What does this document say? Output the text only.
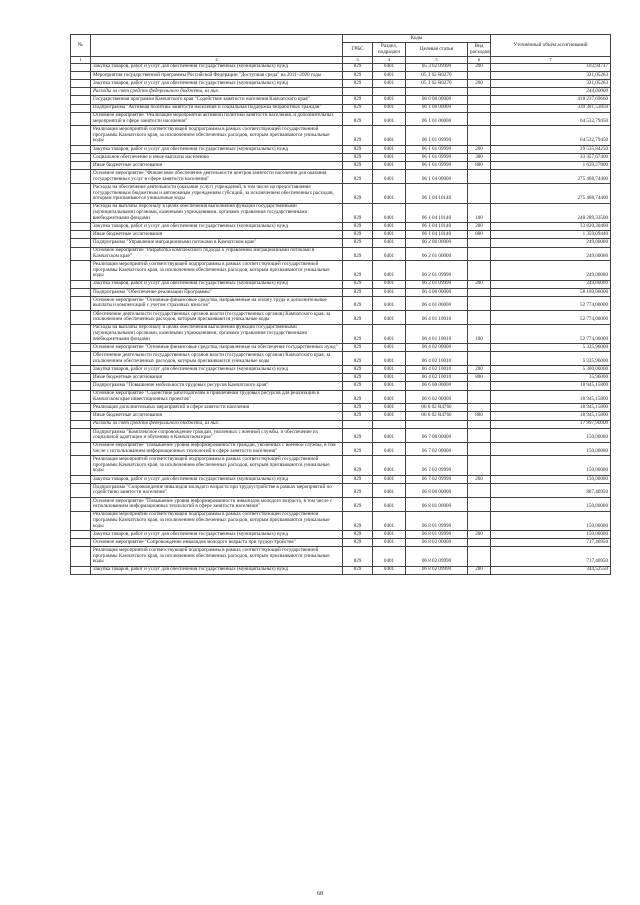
№		Коды				Уточнённый объём ассигнований
		ГРБС	Раздел, подраздел	Целевая статья	Вид расходов	
1	2	3	4	5	6	7
	Закупка товаров, работ и услуг для обеспечения государственных (муниципальных) нужд	829	0401	05 3 02 09990	200	103,94737
	Мероприятия государственной программы Российской Федерации "Доступная среда" на 2011–2020 годы	829	0401	05 3 02 R0270		321,05263
	Закупка товаров, работ и услуг для обеспечения государственных (муниципальных) нужд	829	0401	05 3 02 R0270	200	321,05263
	Расходы за счет средств федерального бюджета, из них:					244,00000
	Государственная программа Камчатского края "Содействие занятости населения Камчатского края"	829	0401	06 0 00 00000		418 237,69660
	Подпрограмма "Активная политика занятости населения и социальная поддержка безработных граждан"	829	0401	06 1 00 00000		339 301,53850
	Основное мероприятие "Реализация мероприятий активной политики занятости населения, и дополнительных мероприятий в сфере занятости населения"	829	0401	06 1 01 00000		64 532,79450
	Реализация мероприятий соответствующей подпрограммы в рамках соответствующей государственной программы Камчатского края, за исключением обеспеченных расходов, которым присваиваются уникальные коды	829	0401	06 1 01 09990		64 532,79450
	Закупка товаров, работ и услуг для обеспечения государственных (муниципальных) нужд	829	0401	06 1 01 09990	200	29 535,84250
	Социальное обеспечение и иные выплаты населению	829	0401	06 1 01 09990	300	33 357,67400
	Иные бюджетные ассигнования	829	0401	06 1 01 09990	800	1 639,27800
	Основное мероприятие "Финансовое обеспечение деятельности центров занятости населения для оказания государственных услуг в сфере занятости населения"	829	0401	06 1 04 00000		275 468,74400
	Расходы на обеспечение деятельности (оказание услуг) учреждений, в том числе на предоставление государственным бюджетным и автономным учреждениям субсидий, за исключением обеспеченных расходов, которым присваиваются уникальные коды	829	0401	06 1 04 10140		275 468,74400
	Расходы на выплаты персоналу в целях обеспечения выполнения функций государственными (муниципальными) органами, казенными учреждениями, органами управления государственными внебюджетными фондами	829	0401	06 1 04 10140	100	240 289,33500
	Закупка товаров, работ и услуг для обеспечения государственных (муниципальных) нужд	829	0401	06 1 04 10140	200	33 820,30460
	Иные бюджетные ассигнования	829	0401	06 1 04 10140	800	1 359,09440
	Подпрограмма "Управление миграционными потоками в Камчатском крае"	829	0401	06 2 00 00000		249,00000
	Основное мероприятие "Разработка комплексного подхода к управлению миграционными потоками в Камчатском крае"	829	0401	06 2 01 00000		249,00000
	Реализация мероприятий соответствующей подпрограммы в рамках соответствующей государственной программы Камчатского края, за исключением обеспеченных расходов, которым присваиваются уникальные коды	829	0401	06 2 01 09990		249,00000
	Закупка товаров, работ и услуг для обеспечения государственных (муниципальных) нужд	829	0401	06 2 01 09990	200	249,00000
	Подпрограмма "Обеспечение реализации Программы"	829	0401	06 4 00 00000		58 109,96000
	Основное мероприятие "Основные финансовые средства, направленные на оплату труда и дополнительные выплаты и компенсаций с учетом страховых взносов"	829	0401	06 4 01 00000		52 774,00000
	Обеспечение деятельности государственных органов власти (государственных органов) Камчатского края, за исключением обеспеченных расходов, которым присваиваются уникальные коды	829	0401	06 4 01 10010		52 774,00000
	Расходы на выплаты персоналу в целях обеспечения выполнения функций государственными (муниципальными) органами, казенными учреждениями, органами управления государственными внебюджетными фондами	829	0401	06 4 01 10010	100	52 774,00000
	Основное мероприятие "Основные финансовые средства, направленные на обеспечение государственных нужд"	829	0401	06 4 02 00000		5 335,96000
	Обеспечение деятельности государственных органов власти (государственных органов) Камчатского края, за исключением обеспеченных расходов, которым присваиваются уникальные коды	829	0401	06 4 02 10010		5 335,96000
	Закупка товаров, работ и услуг для обеспечения государственных (муниципальных) нужд	829	0401	06 4 02 10010	200	5 300,00000
	Иные бюджетные ассигнования	829	0401	06 4 02 10010	800	35,96000
	Подпрограмма "Повышение мобильности трудовых ресурсов Камчатского края"	829	0401	06 6 00 00000		18 945,15800
	Основное мероприятие "Содействие работодателям в привлечении трудовых ресурсов для реализации в Камчатском крае инвестиционных проектов"	829	0401	06 6 02 00000		18 945,15800
	Реализация дополнительных мероприятий в сфере занятости населения	829	0401	06 6 02 R4760		18 945,15800
	Иные бюджетные ассигнования	829	0401	06 6 02 R4760	800	18 945,15800
	Расходы за счет средств федерального бюджета, из них:					17 997,90000
	Подпрограмма "Комплексное сопровождение граждан, уволенных с военной службы, и обеспечение их социальной адаптации и обучению в Камчатском крае"	829	0401	06 7 00 00000		150,00000
	Основное мероприятие "Повышение уровня информированности граждан, уволенных с военной службы, в том числе с использованием информационных технологий в сфере занятости населения"	829	0401	06 7 02 00000		150,00000
	Реализация мероприятий соответствующей подпрограммы в рамках соответствующей государственной программы Камчатского края, за исключением обеспеченных расходов, которым присваиваются уникальные коды	829	0401	06 7 02 09990		150,00000
	Закупка товаров, работ и услуг для обеспечения государственных (муниципальных) нужд	829	0401	06 7 02 09990	200	150,00000
	Подпрограмма "Сопровождение инвалидов молодого возраста при трудоустройстве в рамках мероприятий по содействию занятости населения"	829	0401	06 8 00 00000		867,46950
	Основное мероприятие "Повышение уровня информированности инвалидов молодого возраста, в том числе с использованием информационных технологий в сфере занятости населения"	829	0401	06 8 01 00000		150,00000
	Реализация мероприятий соответствующей подпрограммы в рамках соответствующей государственной программы Камчатского края, за исключением обеспеченных расходов, которым присваиваются уникальные коды	829	0401	06 8 01 09990		150,00000
	Закупка товаров, работ и услуг для обеспечения государственных (муниципальных) нужд	829	0401	06 8 01 09990	200	150,00000
	Основное мероприятие "Сопровождение инвалидов молодого возраста при трудоустройстве"	829	0401	06 8 02 00000		717,46950
	Реализация мероприятий соответствующей подпрограммы в рамках соответствующей государственной программы Камчатского края, за исключением обеспеченных расходов, которым присваиваются уникальные коды	829	0401	06 8 02 09990		717,46950
	Закупка товаров, работ и услуг для обеспечения государственных (муниципальных) нужд	829	0401	06 8 02 09990	200	344,52550
68
